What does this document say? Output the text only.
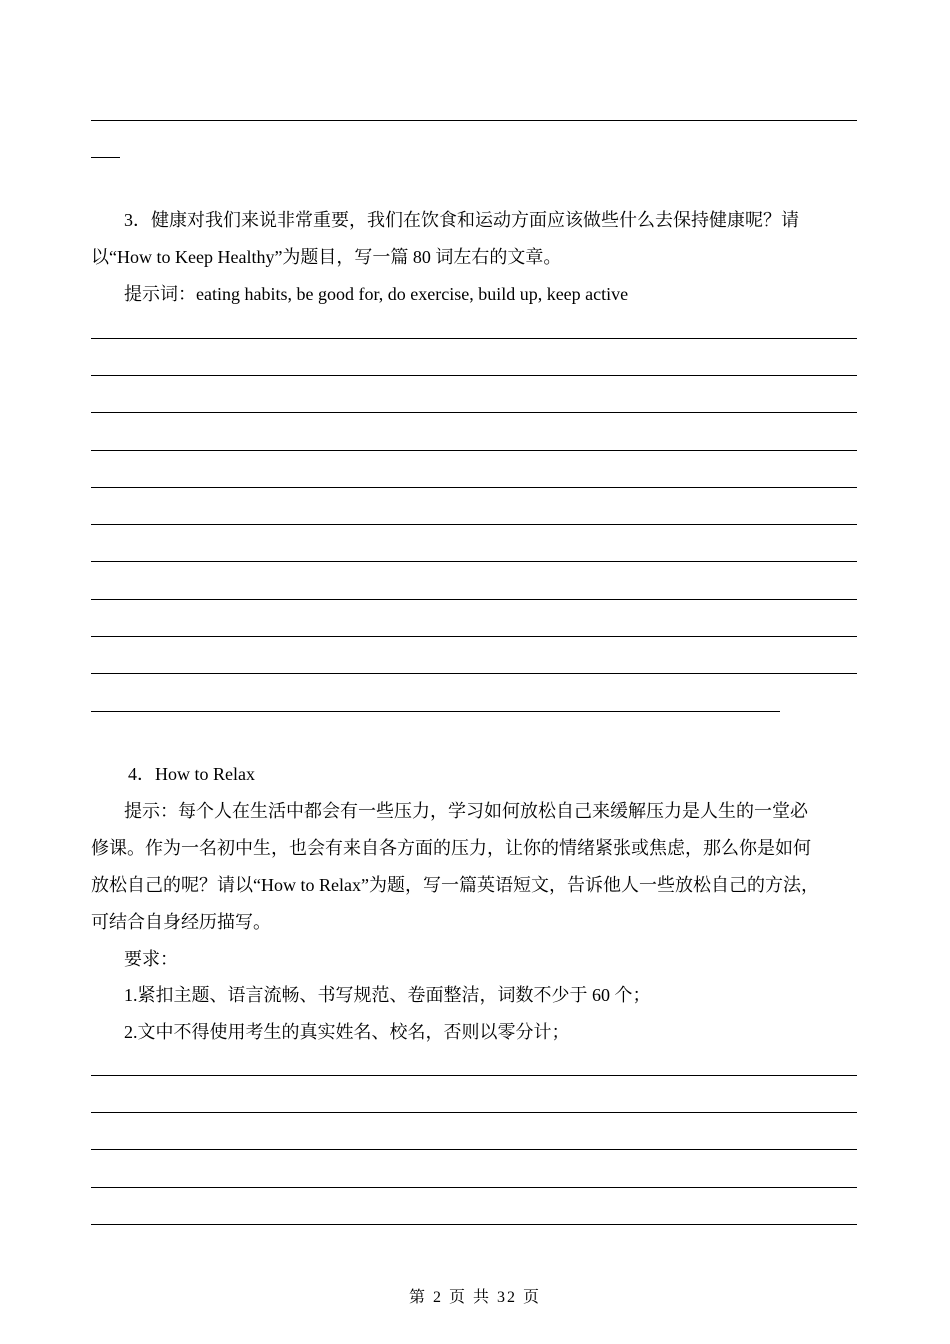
3．健康对我们来说非常重要，我们在饮食和运动方面应该做些什么去保持健康呢？请
以“How to Keep Healthy”为题目，写一篇 80 词左右的文章。
提示词：eating habits, be good for, do exercise, build up, keep active
4．How to Relax
提示：每个人在生活中都会有一些压力，学习如何放松自己来缓解压力是人生的一堂必
修课。作为一名初中生，也会有来自各方面的压力，让你的情绪紧张或焦虑，那么你是如何
放松自己的呢？请以“How to Relax”为题，写一篇英语短文，告诉他人一些放松自己的方法，
可结合自身经历描写。
要求：
1.紧扣主题、语言流畅、书写规范、卷面整洁，词数不少于 60 个；
2.文中不得使用考生的真实姓名、校名，否则以零分计；
第 2 页 共 32 页
